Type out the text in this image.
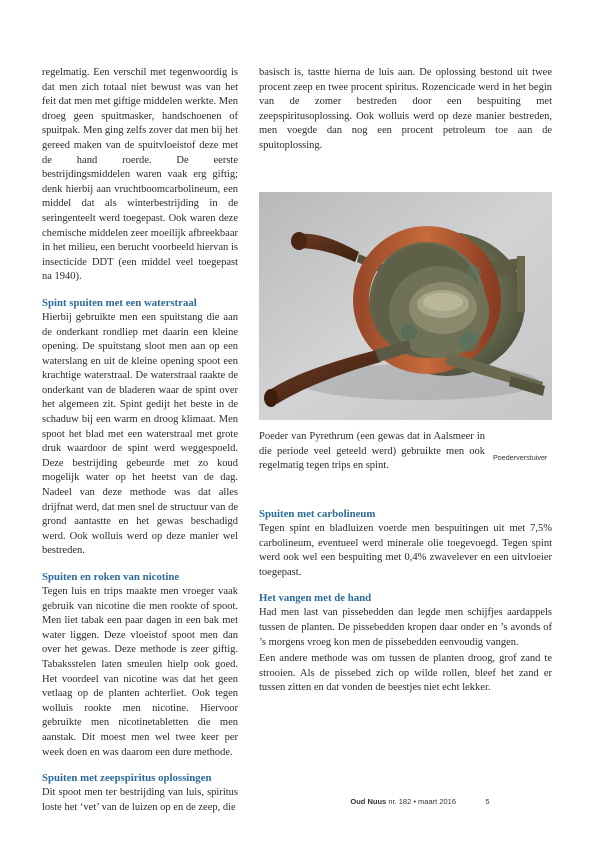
regelmatig. Een verschil met tegenwoordig is dat men zich totaal niet bewust was van het feit dat men met giftige middelen werkte. Men droeg geen spuitmasker, handschoenen of spuitpak. Men ging zelfs zover dat men bij het gereed maken van de spuitvloeistof deze met de hand roerde. De eerste bestrijdingsmiddelen waren vaak erg giftig; denk hierbij aan vruchtboomcarbolineum, een middel dat als winterbestrijding in de seringenteelt werd toegepast. Ook waren deze chemische middelen zeer moeilijk afbreekbaar in het milieu, een berucht voorbeeld hiervan is insecticide DDT (een middel veel toegepast na 1940).

Spint spuiten met een waterstraal

Hierbij gebruikte men een spuitstang die aan de onderkant rondliep met daarin een kleine opening. De spuitstang sloot men aan op een waterslang en uit de kleine opening spoot een krachtige waterstraal. De waterstraal raakte de onderkant van de bladeren waar de spint over het algemeen zit. Spint gedijt het beste in de schaduw bij een warm en droog klimaat. Men spoot het blad met een waterstraal met grote druk waardoor de spint werd weggespoeld. Deze bestrijding gebeurde met zo koud mogelijk water op het heetst van de dag. Nadeel van deze methode was dat alles drijfnat werd, dat men snel de structuur van de grond aantastte en het gewas beschadigd werd. Ook wolluis werd op deze manier wel bestreden.

Spuiten en roken van nicotine

Tegen luis en trips maakte men vroeger vaak gebruik van nicotine die men rookte of spoot. Men liet tabak een paar dagen in een bak met water liggen. Deze vloeistof spoot men dan over het gewas. Deze methode is zeer giftig. Tabaksstelen laten smeulen hielp ook goed. Het voordeel van nicotine was dat het geen vetlaag op de planten achterliet. Ook tegen wolluis rookte men nicotine. Hiervoor gebruikte men nicotinetabletten die men aanstak. Dit moest men wel twee keer per week doen en was daarom een dure methode.

Spuiten met zeepspiritus oplossingen

Dit spoot men ter bestrijding van luis, spiritus loste het ‘vet’ van de luizen op en de zeep, die

basisch is, tastte hierna de luis aan. De oplossing bestond uit twee procent zeep en twee procent spiritus. Rozencicade werd in het begin van de zomer bestreden door een bespuiting met zeepspiritusoplossing. Ook wolluis werd op deze manier bestreden, men voegde dan nog een procent petroleum toe aan de spuitoplossing.

Poeder van Pyrethrum (een gewas dat in Aalsmeer in die periode veel geteeld werd) gebruikte men ook regelmatig tegen trips en spint.
Poederverstuiver
Spuiten met carbolineum

Tegen spint en bladluizen voerde men bespuitingen uit met 7,5% carbolineum, eventueel werd minerale olie toegevoegd. Tegen spint werd ook wel een bespuiting met 0,4% zwavelever en een uitvloeier toegepast.

Het vangen met de hand

Had men last van pissebedden dan legde men schijfjes aardappels tussen de planten. De pissebedden kropen daar onder en ’s avonds of ’s morgens vroeg kon men de pissebedden eenvoudig vangen.

Een andere methode was om tussen de planten droog, grof zand te strooien. Als de pissebed zich op wilde rollen, bleef het zand er tussen zitten en dat vonden de beestjes niet echt lekker.

Oud Nuus nr. 182 • maart 2016	5
